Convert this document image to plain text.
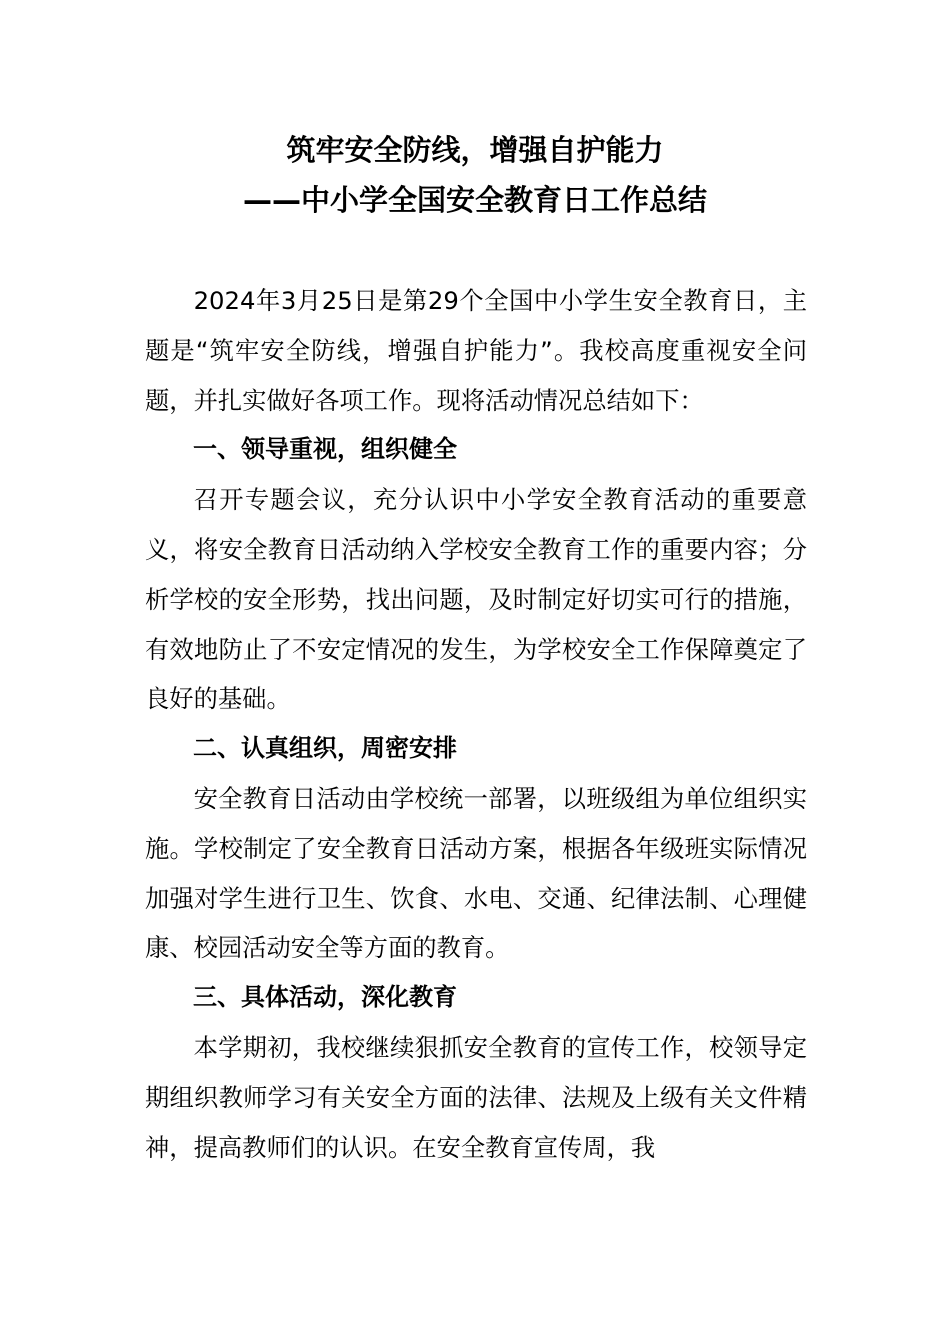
筑牢安全防线，增强自护能力
——中小学全国安全教育日工作总结

2024年3月25日是第29个全国中小学生安全教育日，主题是“筑牢安全防线，增强自护能力”。我校高度重视安全问题，并扎实做好各项工作。现将活动情况总结如下：

一、领导重视，组织健全

召开专题会议，充分认识中小学安全教育活动的重要意义，将安全教育日活动纳入学校安全教育工作的重要内容；分析学校的安全形势，找出问题，及时制定好切实可行的措施，有效地防止了不安定情况的发生，为学校安全工作保障奠定了良好的基础。

二、认真组织，周密安排

安全教育日活动由学校统一部署，以班级组为单位组织实施。学校制定了安全教育日活动方案，根据各年级班实际情况加强对学生进行卫生、饮食、水电、交通、纪律法制、心理健康、校园活动安全等方面的教育。

三、具体活动，深化教育

本学期初，我校继续狠抓安全教育的宣传工作，校领导定期组织教师学习有关安全方面的法律、法规及上级有关文件精神，提高教师们的认识。在安全教育宣传周，我
